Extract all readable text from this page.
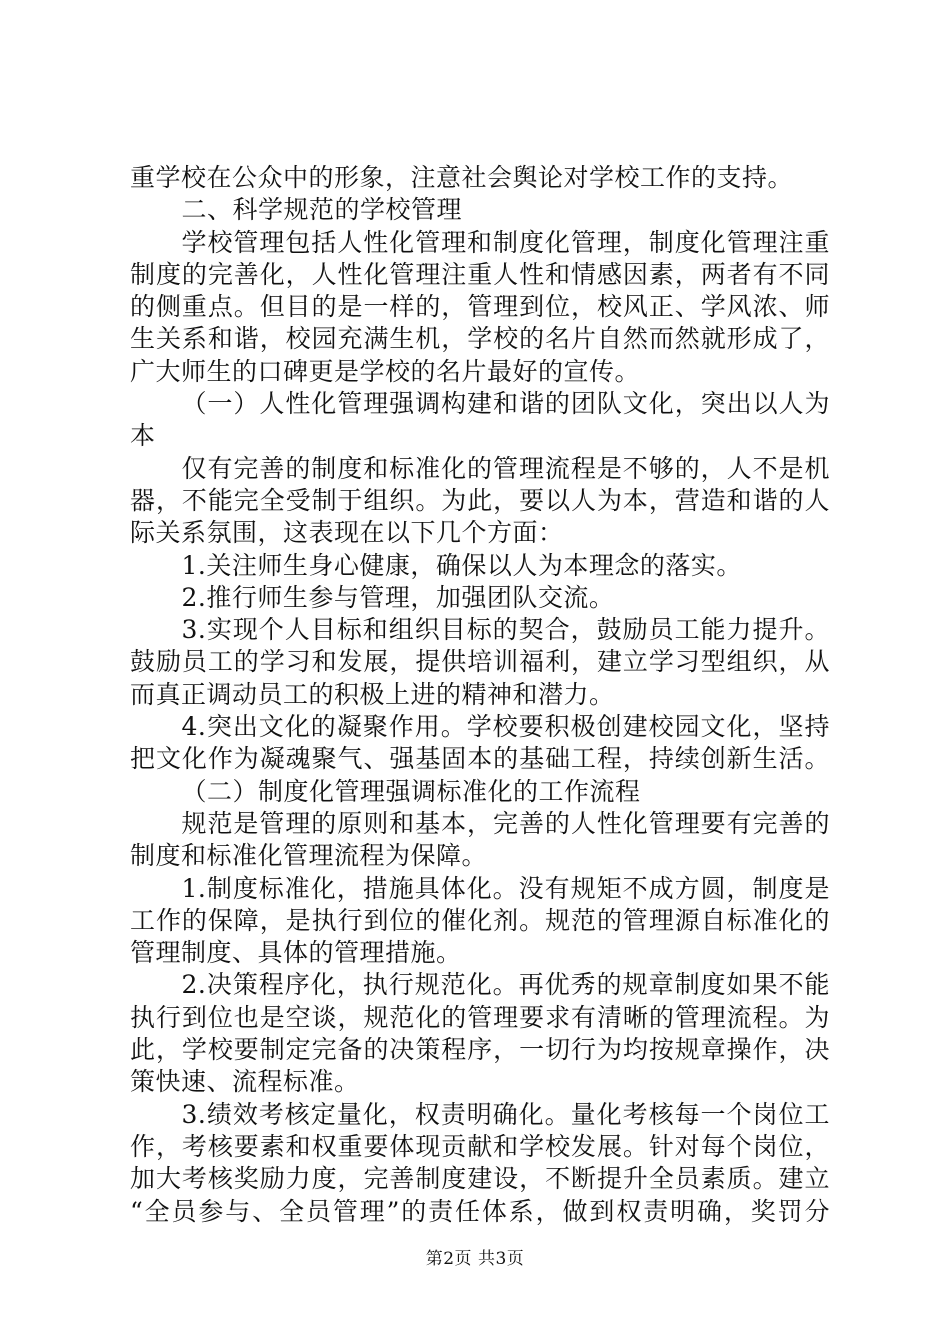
重学校在公众中的形象，注意社会舆论对学校工作的支持。
二、科学规范的学校管理
学校管理包括人性化管理和制度化管理，制度化管理注重
制度的完善化，人性化管理注重人性和情感因素，两者有不同
的侧重点。但目的是一样的，管理到位，校风正、学风浓、师
生关系和谐，校园充满生机，学校的名片自然而然就形成了，
广大师生的口碑更是学校的名片最好的宣传。
（一）人性化管理强调构建和谐的团队文化，突出以人为
本
仅有完善的制度和标准化的管理流程是不够的，人不是机
器，不能完全受制于组织。为此，要以人为本，营造和谐的人
际关系氛围，这表现在以下几个方面：
1.关注师生身心健康，确保以人为本理念的落实。
2.推行师生参与管理，加强团队交流。
3.实现个人目标和组织目标的契合，鼓励员工能力提升。
鼓励员工的学习和发展，提供培训福利，建立学习型组织，从
而真正调动员工的积极上进的精神和潜力。
4.突出文化的凝聚作用。学校要积极创建校园文化，坚持
把文化作为凝魂聚气、强基固本的基础工程，持续创新生活。
（二）制度化管理强调标准化的工作流程
规范是管理的原则和基本，完善的人性化管理要有完善的
制度和标准化管理流程为保障。
1.制度标准化，措施具体化。没有规矩不成方圆，制度是
工作的保障，是执行到位的催化剂。规范的管理源自标准化的
管理制度、具体的管理措施。
2.决策程序化，执行规范化。再优秀的规章制度如果不能
执行到位也是空谈，规范化的管理要求有清晰的管理流程。为
此，学校要制定完备的决策程序，一切行为均按规章操作，决
策快速、流程标准。
3.绩效考核定量化，权责明确化。量化考核每一个岗位工
作，考核要素和权重要体现贡献和学校发展。针对每个岗位，
加大考核奖励力度，完善制度建设，不断提升全员素质。建立
“全员参与、全员管理”的责任体系，做到权责明确，奖罚分
第2页 共3页
